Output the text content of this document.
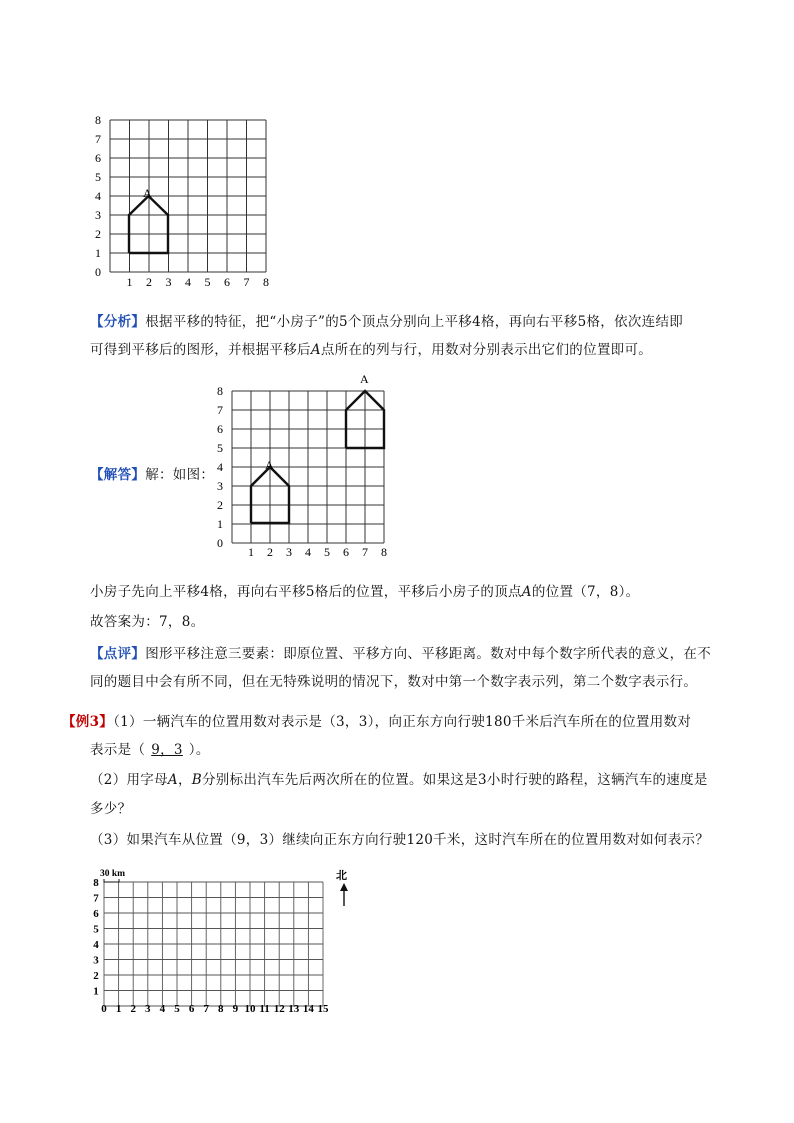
0
1
2
3
4
5
6
7
8
1 2 3 4 5 6 7 8
A
【分析】根据平移的特征，把“小房子”的5个顶点分别向上平移4格，再向右平移5格，依次连结即
可得到平移后的图形，并根据平移后A点所在的列与行，用数对分别表示出它们的位置即可。
【解答】解：如图：
0
1
2
3
4
5
6
7
8
1 2 3 4 5 6 7 8
A
A
小房子先向上平移4格，再向右平移5格后的位置，平移后小房子的顶点A的位置（7，8）。
故答案为：7，8。
【点评】图形平移注意三要素：即原位置、平移方向、平移距离。数对中每个数字所代表的意义，在不
同的题目中会有所不同，但在无特殊说明的情况下，数对中第一个数字表示列，第二个数字表示行。
【例3】（1）一辆汽车的位置用数对表示是（3，3），向正东方向行驶180千米后汽车所在的位置用数对
表示是（ 9，3 ）。
（2）用字母A，B分别标出汽车先后两次所在的位置。如果这是3小时行驶的路程，这辆汽车的速度是
多少？
（3）如果汽车从位置（9，3）继续向正东方向行驶120千米，这时汽车所在的位置用数对如何表示？
1
2
3
4
5
6
7
8
0 1 2 3 4 5 6 7 8 9 10 11 12 13 14 15
30 km	北
↑
